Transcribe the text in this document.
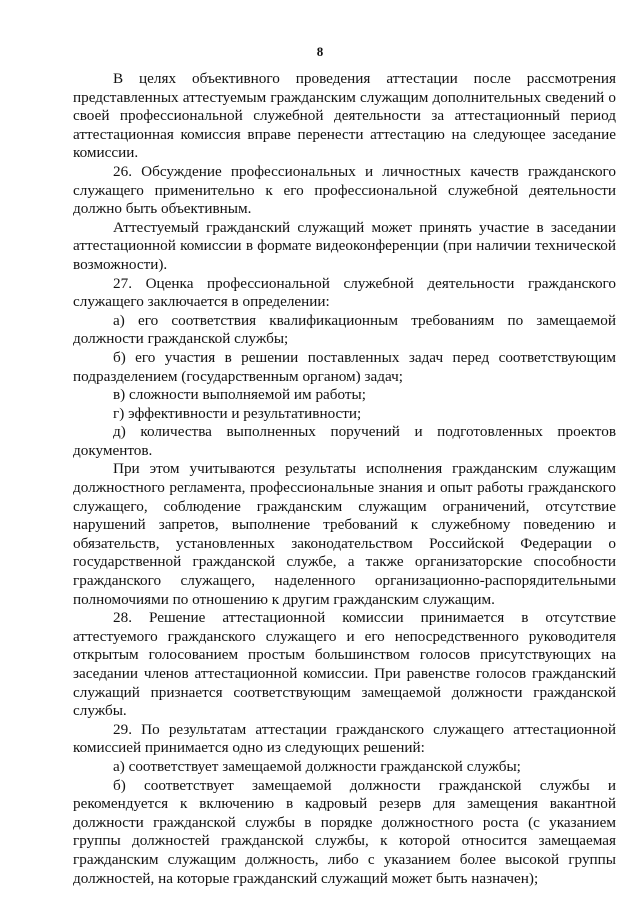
8

В целях объективного проведения аттестации после рассмотрения представленных аттестуемым гражданским служащим дополнительных сведений о своей профессиональной служебной деятельности за аттестационный период аттестационная комиссия вправе перенести аттестацию на следующее заседание комиссии.

26. Обсуждение профессиональных и личностных качеств гражданского служащего применительно к его профессиональной служебной деятельности должно быть объективным.

Аттестуемый гражданский служащий может принять участие в заседании аттестационной комиссии в формате видеоконференции (при наличии технической возможности).

27. Оценка профессиональной служебной деятельности гражданского служащего заключается в определении:

а) его соответствия квалификационным требованиям по замещаемой должности гражданской службы;

б) его участия в решении поставленных задач перед соответствующим подразделением (государственным органом) задач;

в) сложности выполняемой им работы;

г) эффективности и результативности;

д) количества выполненных поручений и подготовленных проектов документов.

При этом учитываются результаты исполнения гражданским служащим должностного регламента, профессиональные знания и опыт работы гражданского служащего, соблюдение гражданским служащим ограничений, отсутствие нарушений запретов, выполнение требований к служебному поведению и обязательств, установленных законодательством Российской Федерации о государственной гражданской службе, а также организаторские способности гражданского служащего, наделенного организационно-распорядительными полномочиями по отношению к другим гражданским служащим.

28. Решение аттестационной комиссии принимается в отсутствие аттестуемого гражданского служащего и его непосредственного руководителя открытым голосованием простым большинством голосов присутствующих на заседании членов аттестационной комиссии. При равенстве голосов гражданский служащий признается соответствующим замещаемой должности гражданской службы.

29. По результатам аттестации гражданского служащего аттестационной комиссией принимается одно из следующих решений:

а) соответствует замещаемой должности гражданской службы;

б) соответствует замещаемой должности гражданской службы и рекомендуется к включению в кадровый резерв для замещения вакантной должности гражданской службы в порядке должностного роста (с указанием группы должностей гражданской службы, к которой относится замещаемая гражданским служащим должность, либо с указанием более высокой группы должностей, на которые гражданский служащий может быть назначен);
